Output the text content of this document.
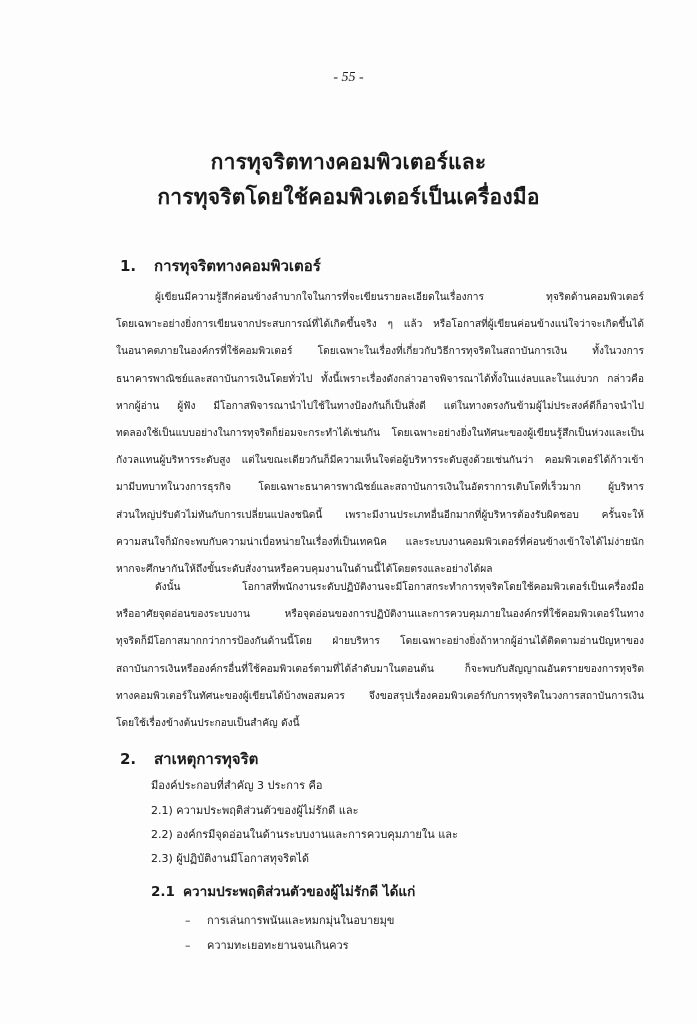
- 55 -
การทุจริตทางคอมพิวเตอร์และ
การทุจริตโดยใช้คอมพิวเตอร์เป็นเครื่องมือ
1. การทุจริตทางคอมพิวเตอร์
ผู้เขียนมีความรู้สึกค่อนข้างลำบากใจในการที่จะเขียนรายละเอียดในเรื่องการ ทุจริตด้านคอมพิวเตอร์
โดยเฉพาะอย่างยิ่งการเขียนจากประสบการณ์ที่ได้เกิดขึ้นจริง ๆ แล้ว หรือโอกาสที่ผู้เขียนค่อนข้างแน่ใจว่าจะเกิดขึ้นได้
ในอนาคตภายในองค์กรที่ใช้คอมพิวเตอร์ โดยเฉพาะในเรื่องที่เกี่ยวกับวิธีการทุจริตในสถาบันการเงิน ทั้งในวงการ
ธนาคารพาณิชย์และสถาบันการเงินโดยทั่วไป ทั้งนี้เพราะเรื่องดังกล่าวอาจพิจารณาได้ทั้งในแง่ลบและในแง่บวก กล่าวคือ
หากผู้อ่าน ผู้ฟัง มีโอกาสพิจารณานำไปใช้ในทางป้องกันก็เป็นสิ่งดี แต่ในทางตรงกันข้ามผู้ไม่ประสงค์ดีก็อาจนำไป
ทดลองใช้เป็นแบบอย่างในการทุจริตก็ย่อมจะกระทำได้เช่นกัน โดยเฉพาะอย่างยิ่งในทัศนะของผู้เขียนรู้สึกเป็นห่วงและเป็น
กังวลแทนผู้บริหารระดับสูง แต่ในขณะเดียวกันก็มีความเห็นใจต่อผู้บริหารระดับสูงด้วยเช่นกันว่า คอมพิวเตอร์ได้ก้าวเข้า
มามีบทบาทในวงการธุรกิจ โดยเฉพาะธนาคารพาณิชย์และสถาบันการเงินในอัตราการเติบโตที่เร็วมาก ผู้บริหาร
ส่วนใหญ่ปรับตัวไม่ทันกับการเปลี่ยนแปลงชนิดนี้ เพราะมีงานประเภทอื่นอีกมากที่ผู้บริหารต้องรับผิดชอบ ครั้นจะให้
ความสนใจก็มักจะพบกับความน่าเบื่อหน่ายในเรื่องที่เป็นเทคนิค และระบบงานคอมพิวเตอร์ที่ค่อนข้างเข้าใจได้ไม่ง่ายนัก
หากจะศึกษากันให้ถึงขั้นระดับสั่งงานหรือควบคุมงานในด้านนี้ได้โดยตรงและอย่างได้ผล
ดังนั้น โอกาสที่พนักงานระดับปฏิบัติงานจะมีโอกาสกระทำการทุจริตโดยใช้คอมพิวเตอร์เป็นเครื่องมือ
หรืออาศัยจุดอ่อนของระบบงาน หรือจุดอ่อนของการปฏิบัติงานและการควบคุมภายในองค์กรที่ใช้คอมพิวเตอร์ในทาง
ทุจริตก็มีโอกาสมากกว่าการป้องกันด้านนี้โดย ฝ่ายบริหาร โดยเฉพาะอย่างยิ่งถ้าหากผู้อ่านได้ติดตามอ่านปัญหาของ
สถาบันการเงินหรือองค์กรอื่นที่ใช้คอมพิวเตอร์ตามที่ได้ลำดับมาในตอนต้น ก็จะพบกับสัญญาณอันตรายของการทุจริต
ทางคอมพิวเตอร์ในทัศนะของผู้เขียนได้บ้างพอสมควร จึงขอสรุปเรื่องคอมพิวเตอร์กับการทุจริตในวงการสถาบันการเงิน
โดยใช้เรื่องข้างต้นประกอบเป็นสำคัญ ดังนี้
2. สาเหตุการทุจริต
มีองค์ประกอบที่สำคัญ 3 ประการ คือ
2.1) ความประพฤติส่วนตัวของผู้ไม่รักดี และ
2.2) องค์กรมีจุดอ่อนในด้านระบบงานและการควบคุมภายใน และ
2.3) ผู้ปฏิบัติงานมีโอกาสทุจริตได้
2.1 ความประพฤติส่วนตัวของผู้ไม่รักดี ได้แก่
– การเล่นการพนันและหมกมุ่นในอบายมุข
– ความทะเยอทะยานจนเกินควร
